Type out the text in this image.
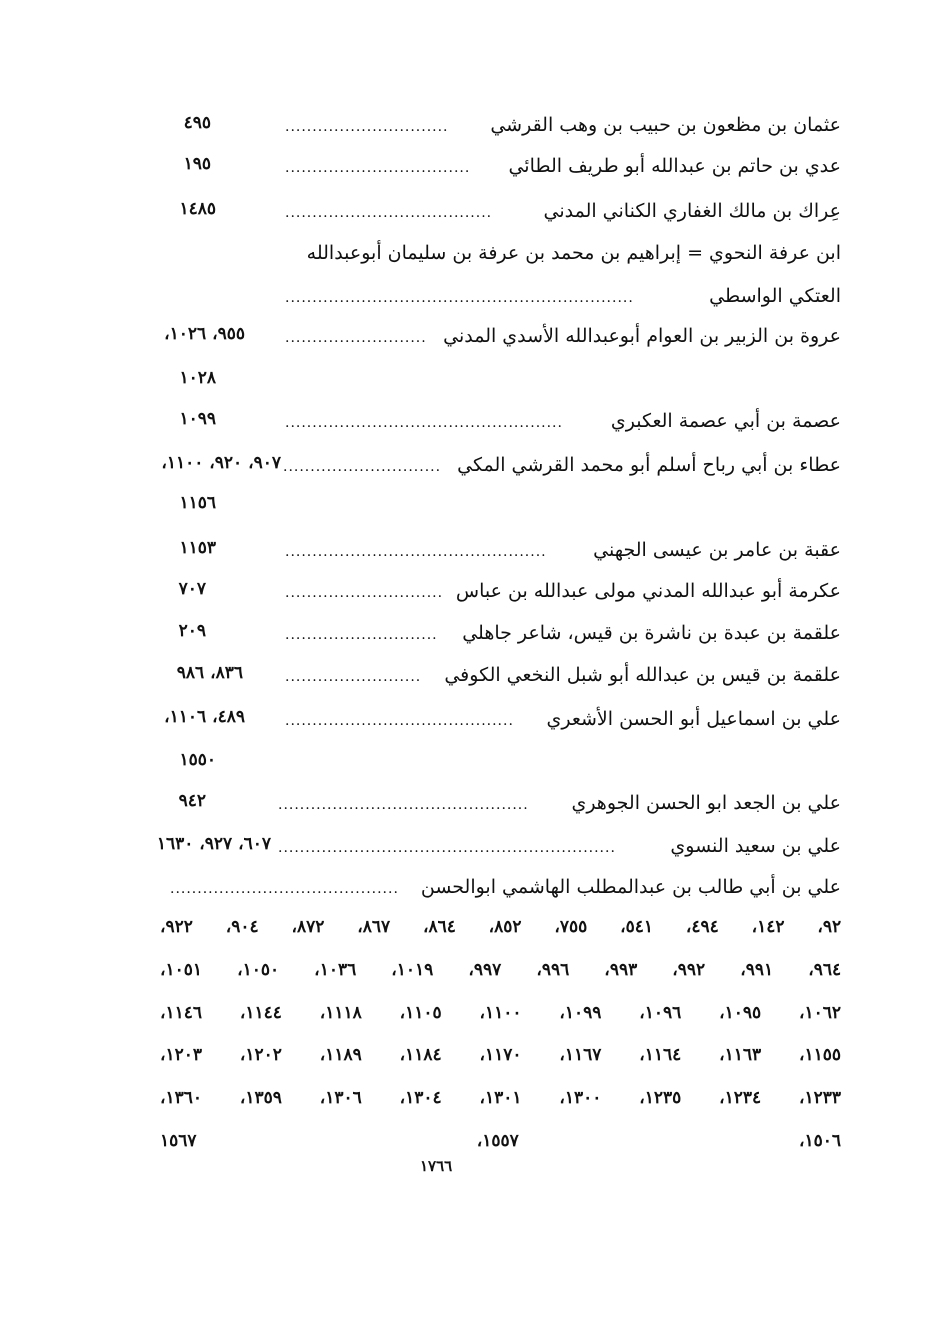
عثمان بن مظعون بن حبيب بن وهب القرشي
..............................
٤٩٥
عدي بن حاتم بن عبدالله أبو طريف الطائي
..................................
١٩٥
عِراك بن مالك الغفاري الكناني المدني
......................................
١٤٨٥
ابن عرفة النحوي = إبراهيم بن محمد بن عرفة بن سليمان أبوعبدالله
العتكي الواسطي
................................................................
عروة بن الزبير بن العوام أبوعبدالله الأسدي المدني
..........................
٩٥٥، ١٠٢٦،
١٠٢٨
عصمة بن أبي عصمة العكبري
...................................................
١٠٩٩
عطاء بن أبي رباح أسلم أبو محمد القرشي المكي
.............................
٩٠٧، ٩٢٠، ١١٠٠،
١١٥٦
عقبة بن عامر بن عيسى الجهني
................................................
١١٥٣
عكرمة أبو عبدالله المدني مولى عبدالله بن عباس
.............................
٧٠٧
علقمة بن عبدة بن ناشرة بن قيس، شاعر جاهلي
............................
٢٠٩
علقمة بن قيس بن عبدالله أبو شبل النخعي الكوفي
.........................
٨٣٦، ٩٨٦
علي بن اسماعيل أبو الحسن الأشعري
..........................................
٤٨٩، ١١٠٦،
١٥٥٠
علي بن الجعد ابو الحسن الجوهري
..............................................
٩٤٢
علي بن سعيد النسوي
..............................................................
٦٠٧، ٩٢٧، ١٦٣٠
علي بن أبي طالب بن عبدالمطلب الهاشمي ابوالحسن
..........................................
٩٢، ١٤٢، ٤٩٤، ٥٤١، ٧٥٥، ٨٥٢، ٨٦٤، ٨٦٧، ٨٧٢، ٩٠٤، ٩٢٢،
٩٦٤، ٩٩١، ٩٩٢، ٩٩٣، ٩٩٦، ٩٩٧، ١٠١٩، ١٠٣٦، ١٠٥٠، ١٠٥١،
١٠٦٢، ١٠٩٥، ١٠٩٦، ١٠٩٩، ١١٠٠، ١١٠٥، ١١١٨، ١١٤٤، ١١٤٦،
١١٥٥، ١١٦٣، ١١٦٤، ١١٦٧، ١١٧٠، ١١٨٤، ١١٨٩، ١٢٠٢، ١٢٠٣،
١٢٣٣، ١٢٣٤، ١٢٣٥، ١٣٠٠، ١٣٠١، ١٣٠٤، ١٣٠٦، ١٣٥٩، ١٣٦٠،
١٥٠٦، ١٥٥٧، ١٥٦٧
١٧٦٦
